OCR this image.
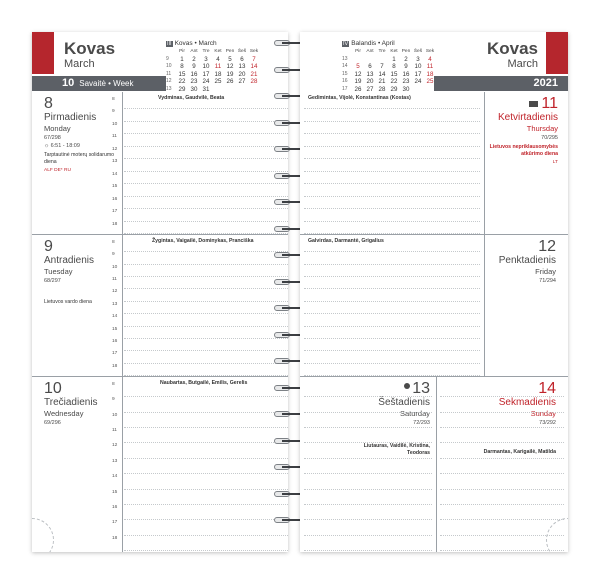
Kovas
March
III Kovas • March
	Pir	Ant	Tre	Ket	Pen	Šeš	Sek
9	1	2	3	4	5	6	7
10	8	9	10	11	12	13	14
11	15	16	17	18	19	20	21
12	22	23	24	25	26	27	28
13	29	30	31				
10 Savaitė • Week
8
Pirmadienis
Monday
67/298
☼ 6:51 - 18:09
Tarptautinė moterų solidarumo diena
ALF DE* RU
Vydminas, Gaudvilė, Beata
9
Antradienis
Tuesday
68/297
Lietuvos vardo diena
Žygintas, Vaigailė, Dominykas, Pranciška
10
Trečiadienis
Wednesday
69/296
Naubartas, Butgailė, Emilis, Gerelis
8
9
10
11
12
13
14
15
16
17
18
8
9
10
11
12
13
14
15
16
17
18
8
9
10
11
12
13
14
15
16
17
18
Kovas
March
IV Balandis • April
	Pir	Ant	Tre	Ket	Pen	Šeš	Sek
13				1	2	3	4
14	5	6	7	8	9	10	11
15	12	13	14	15	16	17	18
16	19	20	21	22	23	24	25
17	26	27	28	29	30			2021
Gedimintas, Vijolė, Konstantinas (Kostas)	11
Ketvirtadienis
Thursday
70/295
Lietuvos nepriklausomybės atkūrimo diena
LT
Galvirdas, Darmantė, Grigalius	12
Penktadienis
Friday
71/294
13
Šeštadienis
Saturday
72/293
Liutauras, Vaidilė, Kristina, Teodoras
14
Sekmadienis
Sunday
73/292
Darmantas, Karigailė, Matilda
